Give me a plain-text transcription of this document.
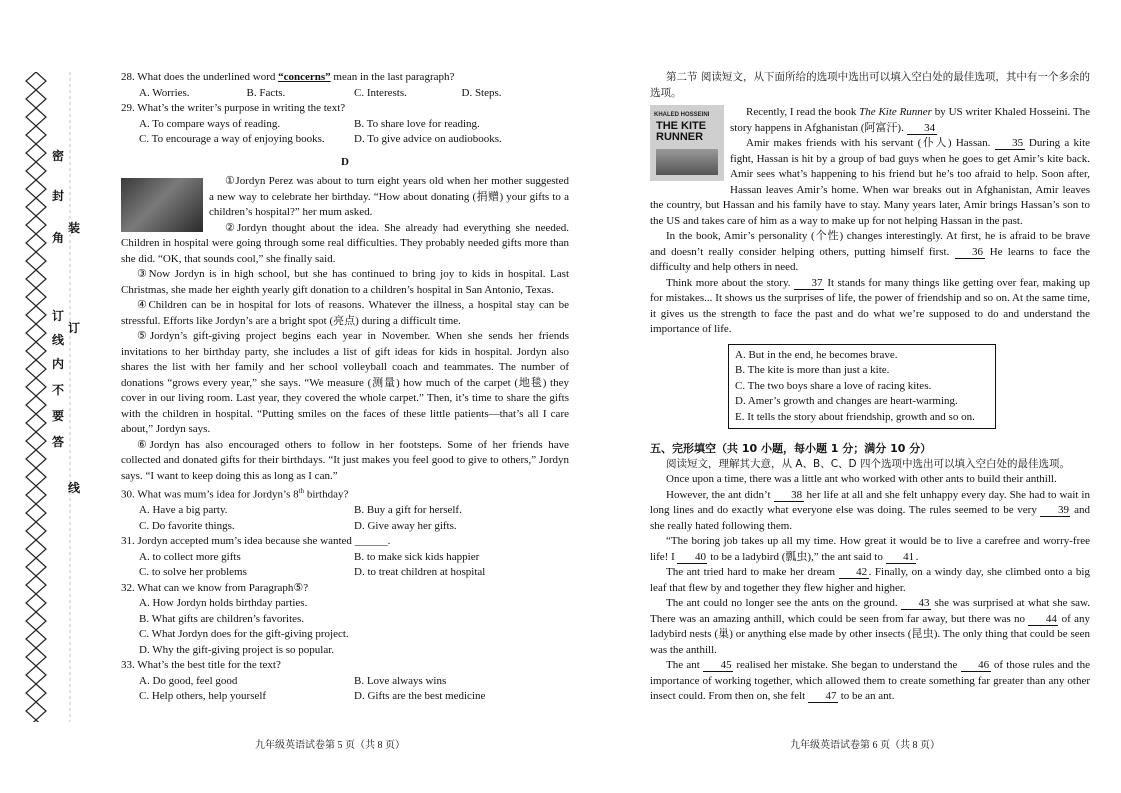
密
封
角
装
订
线
内
不
要
答
线
订

28. What does the underlined word “concerns” mean in the last paragraph?

A. Worries.	B. Facts.	C. Interests.	D. Steps.

29. What’s the writer’s purpose in writing the text?

A. To compare ways of reading.	B. To share love for reading.
C. To encourage a way of enjoying books.	D. To give advice on audiobooks.
D

①Jordyn Perez was about to turn eight years old when her mother suggested a new way to celebrate her birthday. “How about donating (捐赠) your gifts to a children’s hospital?” her mum asked.

②Jordyn thought about the idea. She already had everything she needed. Children in hospital were going through some real difficulties. They probably needed gifts more than she did. “OK, that sounds cool,” she finally said.

③Now Jordyn is in high school, but she has continued to bring joy to kids in hospital. Last Christmas, she made her eighth yearly gift donation to a children’s hospital in San Antonio, Texas.

④Children can be in hospital for lots of reasons. Whatever the illness, a hospital stay can be stressful. Efforts like Jordyn’s are a bright spot (亮点) during a difficult time.

⑤Jordyn’s gift-giving project begins each year in November. When she sends her friends invitations to her birthday party, she includes a list of gift ideas for kids in hospital. Jordyn also shares the list with her family and her school volleyball coach and teammates. The number of donations “grows every year,” she says. “We measure (测量) how much of the carpet (地毯) they cover in our living room. Last year, they covered the whole carpet.” Then, it’s time to share the gifts with the children in hospital. “Putting smiles on the faces of these little patients—that’s all I care about,” Jordyn says.

⑥Jordyn has also encouraged others to follow in her footsteps. Some of her friends have collected and donated gifts for their birthdays. “It just makes you feel good to give to others,” Jordyn says. “I want to keep doing this as long as I can.”

30. What was mum’s idea for Jordyn’s 8th birthday?

A. Have a big party.	B. Buy a gift for herself.
C. Do favorite things.	D. Give away her gifts.

31. Jordyn accepted mum’s idea because she wanted ______.

A. to collect more gifts	B. to make sick kids happier
C. to solve her problems	D. to treat children at hospital

32. What can we know from Paragraph⑤?

A. How Jordyn holds birthday parties.
B. What gifts are children’s favorites.
C. What Jordyn does for the gift-giving project.
D. Why the gift-giving project is so popular.

33. What’s the best title for the text?

A. Do good, feel good	B. Love always wins
C. Help others, help yourself	D. Gifts are the best medicine
九年级英语试卷第 5 页（共 8 页）

第二节 阅读短文，从下面所给的选项中选出可以填入空白处的最佳选项，其中有一个多余的选项。

KHALED HOSSEINI
THE KITE RUNNER

Recently, I read the book The Kite Runner by US writer Khaled Hosseini. The story happens in Afghanistan (阿富汗). 34

Amir makes friends with his servant (仆人) Hassan. 35 During a kite fight, Hassan is hit by a group of bad guys when he goes to get Amir’s kite back. Amir sees what’s happening to his friend but he’s too afraid to help. Soon after, Hassan leaves Amir’s home. When war breaks out in Afghanistan, Amir leaves the country, but Hassan and his family have to stay. Many years later, Amir brings Hassan’s son to the US and takes care of him as a way to make up for not helping Hassan in the past.

In the book, Amir’s personality (个性) changes interestingly. At first, he is afraid to be brave and doesn’t really consider helping others, putting himself first. 36 He learns to face the difficulty and help others in need.

Think more about the story. 37 It stands for many things like getting over fear, making up for mistakes... It shows us the surprises of life, the power of friendship and so on. At the same time, it gives us the strength to face the past and do what we’re supposed to do and understand the importance of life.

A. But in the end, he becomes brave.
B. The kite is more than just a kite.
C. The two boys share a love of racing kites.
D. Amer’s growth and changes are heart-warming.
E. It tells the story about friendship, growth and so on.
五、完形填空（共 10 小题，每小题 1 分；满分 10 分）

阅读短文，理解其大意，从 A、B、C、D 四个选项中选出可以填入空白处的最佳选项。

Once upon a time, there was a little ant who worked with other ants to build their anthill.

However, the ant didn’t 38 her life at all and she felt unhappy every day. She had to wait in long lines and do exactly what everyone else was doing. The rules seemed to be very 39 and she really hated following them.

“The boring job takes up all my time. How great it would be to live a carefree and worry-free life! I 40 to be a ladybird (瓢虫),” the ant said to 41 .

The ant tried hard to make her dream 42 . Finally, on a windy day, she climbed onto a big leaf that flew by and together they flew higher and higher.

The ant could no longer see the ants on the ground. 43 she was surprised at what she saw. There was an amazing anthill, which could be seen from far away, but there was no 44 of any ladybird nests (巢) or anything else made by other insects (昆虫). The only thing that could be seen was the anthill.

The ant 45 realised her mistake. She began to understand the 46 of those rules and the importance of working together, which allowed them to create something far greater than any other insect could. From then on, she felt 47 to be an ant.

九年级英语试卷第 6 页（共 8 页）
